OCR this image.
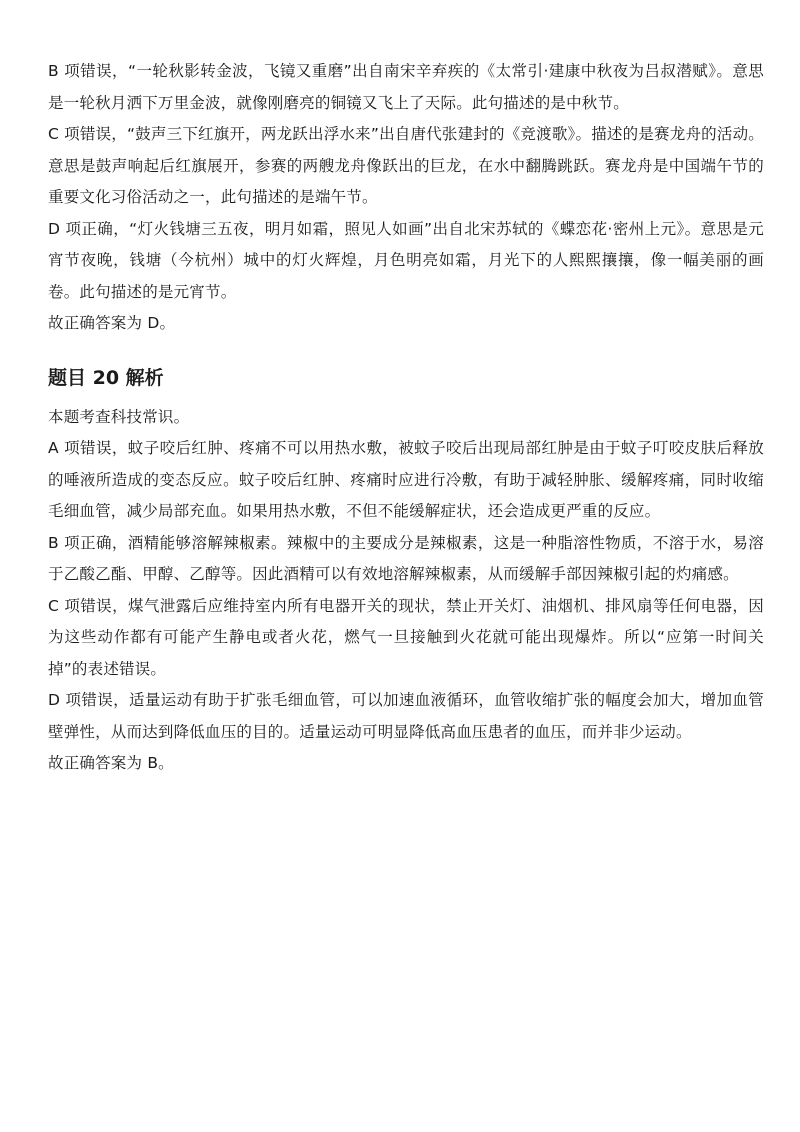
B 项错误，“一轮秋影转金波，飞镜又重磨”出自南宋辛弃疾的《太常引·建康中秋夜为吕叔潜赋》。意思是一轮秋月洒下万里金波，就像刚磨亮的铜镜又飞上了天际。此句描述的是中秋节。

C 项错误，“鼓声三下红旗开，两龙跃出浮水来”出自唐代张建封的《竞渡歌》。描述的是赛龙舟的活动。意思是鼓声响起后红旗展开，参赛的两艘龙舟像跃出的巨龙，在水中翻腾跳跃。赛龙舟是中国端午节的重要文化习俗活动之一，此句描述的是端午节。

D 项正确，“灯火钱塘三五夜，明月如霜，照见人如画”出自北宋苏轼的《蝶恋花·密州上元》。意思是元宵节夜晚，钱塘（今杭州）城中的灯火辉煌，月色明亮如霜，月光下的人熙熙攘攘，像一幅美丽的画卷。此句描述的是元宵节。

故正确答案为 D。

题目 20 解析

本题考查科技常识。

A 项错误，蚊子咬后红肿、疼痛不可以用热水敷，被蚊子咬后出现局部红肿是由于蚊子叮咬皮肤后释放的唾液所造成的变态反应。蚊子咬后红肿、疼痛时应进行冷敷，有助于减轻肿胀、缓解疼痛，同时收缩毛细血管，减少局部充血。如果用热水敷，不但不能缓解症状，还会造成更严重的反应。

B 项正确，酒精能够溶解辣椒素。辣椒中的主要成分是辣椒素，这是一种脂溶性物质，不溶于水，易溶于乙酸乙酯、甲醇、乙醇等。因此酒精可以有效地溶解辣椒素，从而缓解手部因辣椒引起的灼痛感。

C 项错误，煤气泄露后应维持室内所有电器开关的现状，禁止开关灯、油烟机、排风扇等任何电器，因为这些动作都有可能产生静电或者火花，燃气一旦接触到火花就可能出现爆炸。所以“应第一时间关掉”的表述错误。

D 项错误，适量运动有助于扩张毛细血管，可以加速血液循环，血管收缩扩张的幅度会加大，增加血管壁弹性，从而达到降低血压的目的。适量运动可明显降低高血压患者的血压，而并非少运动。

故正确答案为 B。
